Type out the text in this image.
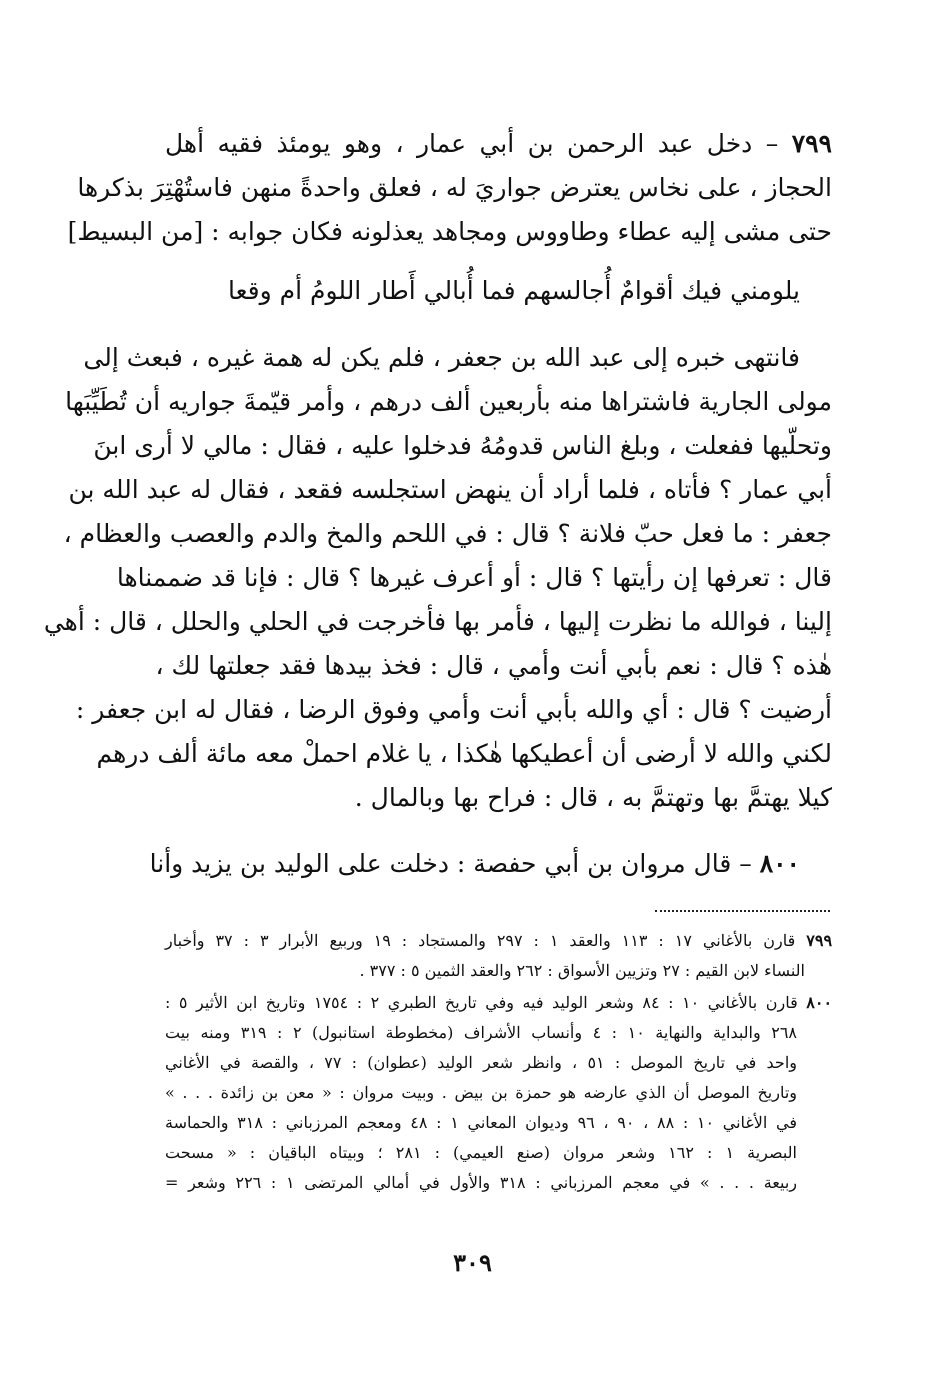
٧٩٩ – دخل عبد الرحمن بن أبي عمار ، وهو يومئذ فقيه أهل
الحجاز ، على نخاس يعترض جواريَ له ، فعلق واحدةً منهن فاستُهْتِرَ بذكرها
حتى مشى إليه عطاء وطاووس ومجاهد يعذلونه فكان جوابه : [من البسيط]
يلومني فيك أقوامٌ أُجالسهم
فما أُبالي أَطار اللومُ أم وقعا
فانتهى خبره إلى عبد الله بن جعفر ، فلم يكن له همة غيره ، فبعث إلى
مولى الجارية فاشتراها منه بأربعين ألف درهم ، وأمر قيّمةَ جواريه أن تُطَيِّبَها
وتحلّيها ففعلت ، وبلغ الناس قدومُهُ فدخلوا عليه ، فقال : مالي لا أرى ابنَ
أبي عمار ؟ فأتاه ، فلما أراد أن ينهض استجلسه فقعد ، فقال له عبد الله بن
جعفر : ما فعل حبّ فلانة ؟ قال : في اللحم والمخ والدم والعصب والعظام ،
قال : تعرفها إن رأيتها ؟ قال : أو أعرف غيرها ؟ قال : فإنا قد ضممناها
إلينا ، فوالله ما نظرت إليها ، فأمر بها فأخرجت في الحلي والحلل ، قال : أهي
هٰذه ؟ قال : نعم بأبي أنت وأمي ، قال : فخذ بيدها فقد جعلتها لك ،
أرضيت ؟ قال : أي والله بأبي أنت وأمي وفوق الرضا ، فقال له ابن جعفر :
لكني والله لا أرضى أن أعطيكها هٰكذا ، يا غلام احملْ معه مائة ألف درهم
كيلا يهتمَّ بها وتهتمَّ به ، قال : فراح بها وبالمال .
٨٠٠ – قال مروان بن أبي حفصة : دخلت على الوليد بن يزيد وأنا
٧٩٩ قارن بالأغاني ١٧ : ١١٣ والعقد ١ : ٢٩٧ والمستجاد : ١٩ وربيع الأبرار ٣ : ٣٧ وأخبار
النساء لابن القيم : ٢٧ وتزيين الأسواق : ٢٦٢ والعقد الثمين ٥ : ٣٧٧ .
٨٠٠ قارن بالأغاني ١٠ : ٨٤ وشعر الوليد فيه وفي تاريخ الطبري ٢ : ١٧٥٤ وتاريخ ابن الأثير ٥ :
٢٦٨ والبداية والنهاية ١٠ : ٤ وأنساب الأشراف (مخطوطة استانبول) ٢ : ٣١٩ ومنه بيت
واحد في تاريخ الموصل : ٥١ ، وانظر شعر الوليد (عطوان) : ٧٧ ، والقصة في الأغاني
وتاريخ الموصل أن الذي عارضه هو حمزة بن بيض . وبيت مروان : « معن بن زائدة . . . »
في الأغاني ١٠ : ٨٨ ، ٩٠ ، ٩٦ وديوان المعاني ١ : ٤٨ ومعجم المرزباني : ٣١٨ والحماسة
البصرية ١ : ١٦٢ وشعر مروان (صنع العيمي) : ٢٨١ ؛ وبيتاه الباقيان : « مسحت
ربيعة . . . » في معجم المرزباني : ٣١٨ والأول في أمالي المرتضى ١ : ٢٢٦ وشعر =
٣٠٩
